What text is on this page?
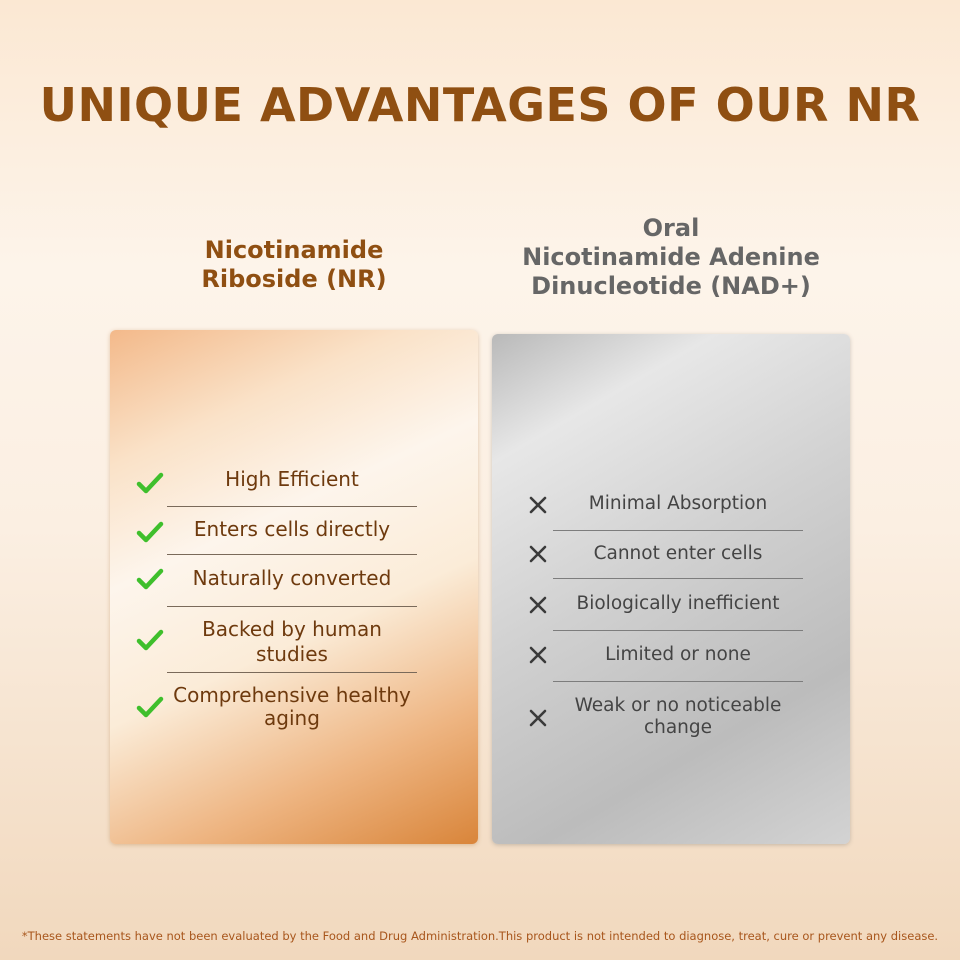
UNIQUE ADVANTAGES OF OUR NR
Nicotinamide
Riboside (NR)
Oral
Nicotinamide Adenine
Dinucleotide (NAD+)
High Efficient
Enters cells directly
Naturally converted
Backed by human
studies
Comprehensive healthy
aging
Minimal Absorption
Cannot enter cells
Biologically inefficient
Limited or none
Weak or no noticeable
change
*These statements have not been evaluated by the Food and Drug Administration.This product is not intended to diagnose, treat, cure or prevent any disease.
